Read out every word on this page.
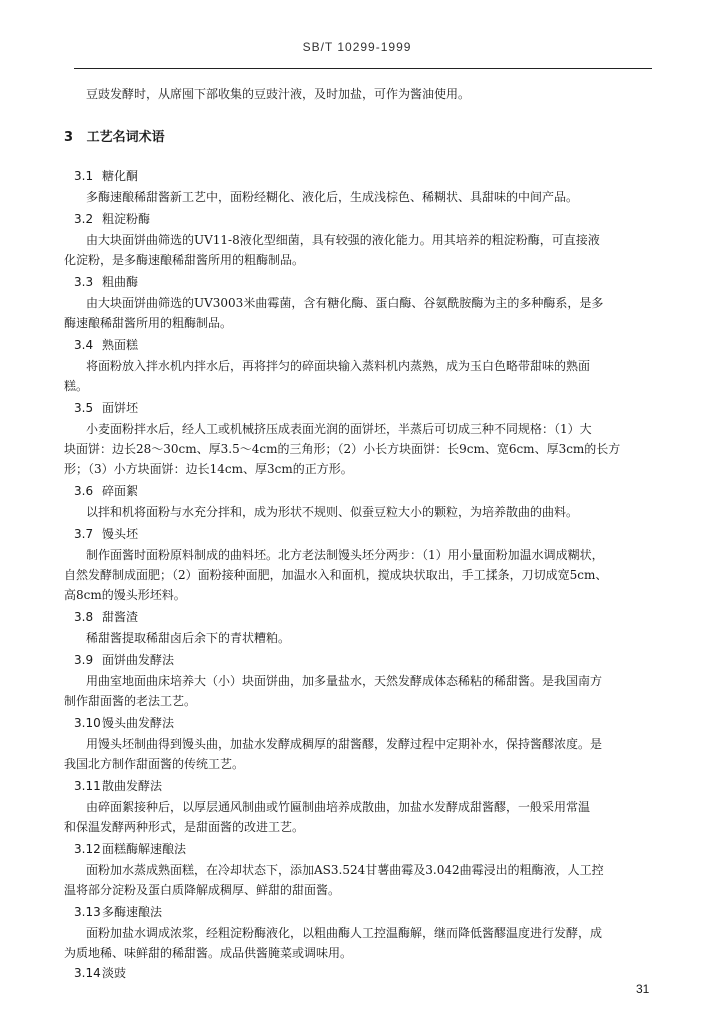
SB/T 10299-1999
豆豉发酵时，从席囤下部收集的豆豉汁液，及时加盐，可作为酱油使用。
3 工艺名词术语
3.1 糖化酮
多酶速酿稀甜酱新工艺中，面粉经糊化、液化后，生成浅棕色、稀糊状、具甜味的中间产品。
3.2 粗淀粉酶
由大块面饼曲筛选的UV11-8液化型细菌，具有较强的液化能力。用其培养的粗淀粉酶，可直接液
化淀粉，是多酶速酿稀甜酱所用的粗酶制品。
3.3 粗曲酶
由大块面饼曲筛选的UV3003米曲霉菌，含有糖化酶、蛋白酶、谷氨酰胺酶为主的多种酶系，是多
酶速酿稀甜酱所用的粗酶制品。
3.4 熟面糕
将面粉放入拌水机内拌水后，再将拌匀的碎面块输入蒸料机内蒸熟，成为玉白色略带甜味的熟面
糕。
3.5 面饼坯
小麦面粉拌水后，经人工或机械挤压成表面光润的面饼坯，半蒸后可切成三种不同规格：（1）大
块面饼：边长28～30cm、厚3.5～4cm的三角形；（2）小长方块面饼：长9cm、宽6cm、厚3cm的长方
形；（3）小方块面饼：边长14cm、厚3cm的正方形。
3.6 碎面絮
以拌和机将面粉与水充分拌和，成为形状不规则、似蚕豆粒大小的颗粒，为培养散曲的曲料。
3.7 馒头坯
制作面酱时面粉原料制成的曲料坯。北方老法制馒头坯分两步：（1）用小量面粉加温水调成糊状，
自然发酵制成面肥；（2）面粉接种面肥，加温水入和面机，搅成块状取出，手工揉条，刀切成宽5cm、
高8cm的馒头形坯料。
3.8 甜酱渣
稀甜酱提取稀甜卤后余下的青状糟粕。
3.9 面饼曲发酵法
用曲室地面曲床培养大（小）块面饼曲，加多量盐水，天然发酵成体态稀粘的稀甜酱。是我国南方
制作甜面酱的老法工艺。
3.10馒头曲发酵法
用馒头坯制曲得到馒头曲，加盐水发酵成稠厚的甜酱醪，发酵过程中定期补水，保持酱醪浓度。是
我国北方制作甜面酱的传统工艺。
3.11散曲发酵法
由碎面絮接种后，以厚层通风制曲或竹匾制曲培养成散曲，加盐水发酵成甜酱醪，一般采用常温
和保温发酵两种形式，是甜面酱的改进工艺。
3.12面糕酶解速酿法
面粉加水蒸成熟面糕，在冷却状态下，添加AS3.524甘薯曲霉及3.042曲霉浸出的粗酶液，人工控
温将部分淀粉及蛋白质降解成稠厚、鲜甜的甜面酱。
3.13多酶速酿法
面粉加盐水调成浓浆，经粗淀粉酶液化，以粗曲酶人工控温酶解，继而降低酱醪温度进行发酵，成
为质地稀、味鲜甜的稀甜酱。成品供酱腌菜或调味用。
3.14淡豉
31
